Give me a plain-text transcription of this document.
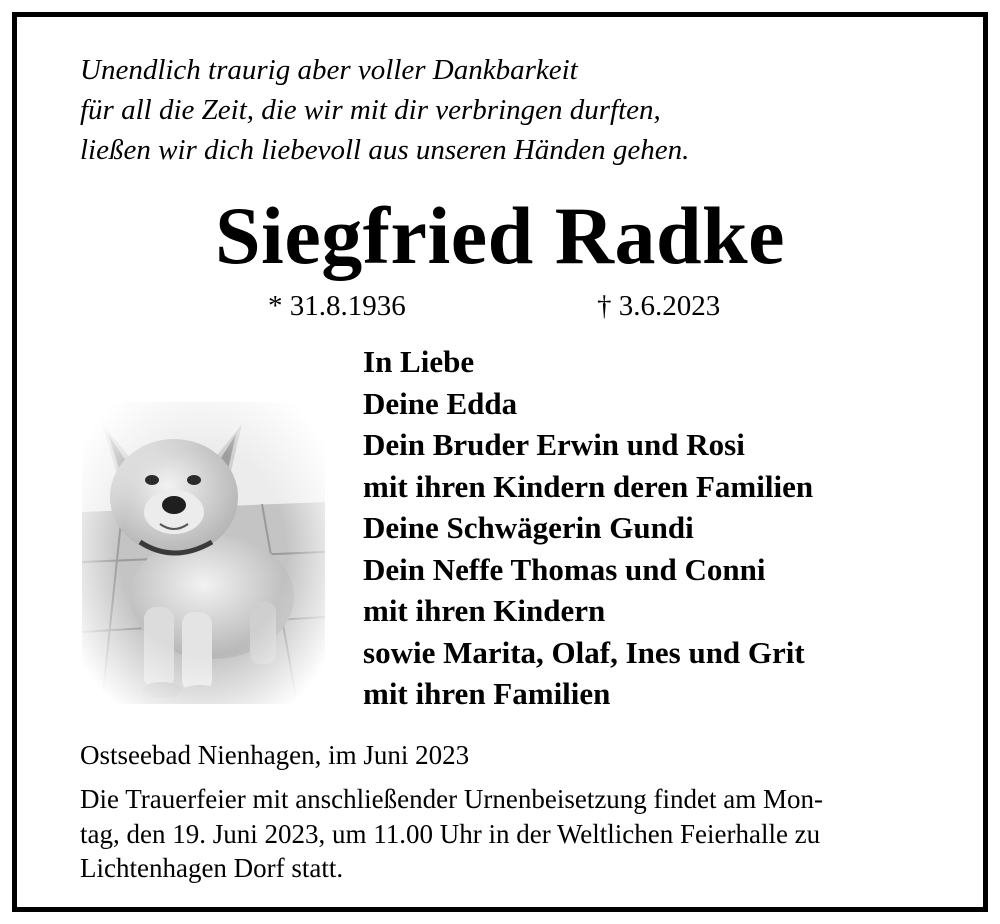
Unendlich traurig aber voller Dankbarkeit
für all die Zeit, die wir mit dir verbringen durften,
ließen wir dich liebevoll aus unseren Händen gehen.

Siegfried Radke
* 31.8.1936	† 3.6.2023

In Liebe
Deine Edda
Dein Bruder Erwin und Rosi
mit ihren Kindern deren Familien
Deine Schwägerin Gundi
Dein Neffe Thomas und Conni
mit ihren Kindern
sowie Marita, Olaf, Ines und Grit
mit ihren Familien

Ostseebad Nienhagen, im Juni 2023

Die Trauerfeier mit anschließender Urnenbeisetzung findet am Mon-
tag, den 19. Juni 2023, um 11.00 Uhr in der Weltlichen Feierhalle zu
Lichtenhagen Dorf statt.
